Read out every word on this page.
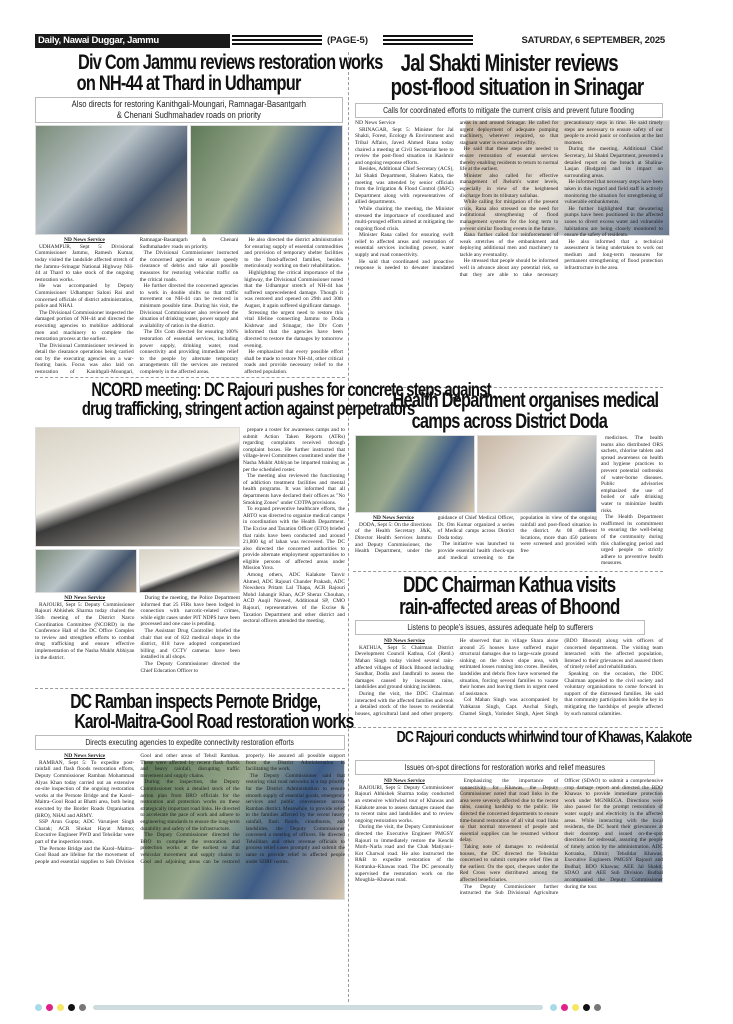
Daily, Nawai Duggar, Jammu	(PAGE-5)	SATURDAY, 6 SEPTEMBER, 2025
Div Com Jammu reviews restoration works
on NH-44 at Thard in Udhampur
Also directs for restoring Kanithgali-Moungari, Ramnagar-Basantgarh
& Chenani Sudhmahadev roads on priority
ND News Service

UDHAMPUR, Sept 5: Divisional Commissioner Jammu, Ramesh Kumar, today visited the landslide affected stretch of the Jammu–Srinagar National Highway NH-44 at Thard to take stock of the ongoing restoration works.

He was accompanied by Deputy Commissioner Udhampur Saloni Rai and concerned officials of district administration, police and NHAI.

The Divisional Commissioner inspected the damaged portion of NH-44 and directed the executing agencies to mobilize additional men and machinery to complete the restoration process at the earliest.

The Divisional Commissioner reviewed in detail the clearance operations being carried out by the executing agencies on a war-footing basis. Focus was also laid on restoration of Kanithgali-Moungari, Ramnagar-Basantgarh & Chenani Sudhmahadev roads on priority.

The Divisional Commissioner instructed the concerned agencies to ensure speedy clearance of debris and take all possible measures for restoring vehicular traffic on the critical roads.

He further directed the concerned agencies to work in double shifts so that traffic movement on NH-44 can be restored in minimum possible time. During his visit, the Divisional Commissioner also reviewed the situation of drinking water, power supply and availability of ration in the district.

The Div Com directed for ensuring 100% restoration of essential services, including power supply, drinking water, road connectivity and providing immediate relief to the people by alternate temporary arrangements till the services are restored completely in the affected areas.

He also directed the district administration for ensuring supply of essential commodities and provision of temporary shelter facilities to the flood-affected families, besides meticulously working on their rehabilitation.

Highlighting the critical importance of the highway, the Divisional Commissioner noted that the Udhampur stretch of NH-44 has suffered unprecedented damage. Though it was restored and opened on 29th and 30th August, it again suffered significant damage.

Stressing the urgent need to restore this vital lifeline connecting Jammu to Doda Kishtwar and Srinagar, the Div Com informed that the agencies have been directed to restore the damages by tomorrow evening.

He emphasized that every possible effort shall be made to restore NH-44, other critical roads and provide necessary relief to the affected population.

Jal Shakti Minister reviews
post-flood situation in Srinagar
Calls for coordinated efforts to mitigate the current crisis and prevent future flooding
ND News Service

SRINAGAR, Sept 5: Minister for Jal Shakti, Forest, Ecology & Environment and Tribal Affairs, Javed Ahmed Rana today chaired a meeting at Civil Secretariat here to review the post-flood situation in Kashmir and ongoing response efforts.

Besides, Additional Chief Secretary (ACS), Jal Shakti Department, Shaleen Kabra, the meeting was attended by senior officials from the Irrigation & Flood Control (I&FC) Department along with representatives of allied departments.

While chairing the meeting, the Minister stressed the importance of coordinated and multi-pronged efforts aimed at mitigating the ongoing flood crisis.

Minister Rana called for ensuring swift relief to affected areas and restoration of essential services including power, water supply and road connectivity.

He said that coordinated and proactive response is needed to dewater inundated areas in and around Srinagar. He called for urgent deployment of adequate pumping machinery, wherever required, so that stagnant water is evacuated swiftly.

He said that these steps are needed to ensure restoration of essential services thereby enabling residents to return to normal life at the earliest.

Minister also called for effective management of Jhelum's water levels, especially in view of the heightened discharge from its tributary nallahas.

While calling for mitigation of the present crisis, Rana also stressed on the need for institutional strengthening of flood management systems for the long term to prevent similar flooding events in the future.

Rana further called for reinforcement of weak stretches of the embankment and deploying additional men and machinery to tackle any eventuality.

He stressed that people should be informed well in advance about any potential risk, so that they are able to take necessary precautionary steps in time. He said timely steps are necessary to ensure safety of our people to avoid panic or confusion at the last moment.

During the meeting, Additional Chief Secretary, Jal Shakti Department, presented a detailed report on the breach at Shalina-Lasjan (Budgam) and its impact on surrounding areas.

He informed that necessary steps have been taken in this regard and field staff is actively monitoring the situation for strengthening of vulnerable embankments.

He further highlighted that dewatering pumps have been positioned in the affected zones to divert excess water and vulnerable habitations are being closely monitored to ensure the safety of residents.

He also informed that a technical assessment is being undertaken to work out medium and long-term measures for permanent strengthening of flood protection infrastructure in the area.

NCORD meeting: DC Rajouri pushes for concrete steps against
drug trafficking, stringent action against perpetrators

prepare a roster for awareness camps and to submit Action Taken Reports (ATRs) regarding complaints received through complaint boxes. He further instructed that village-level Committees constituted under the Nasha Mukht Abhiyan be imparted training as per the scheduled roster.

The meeting also reviewed the functioning of addiction treatment facilities and mental health programs. It was informed that all departments have declared their offices as "No Smoking Zones" under COTPA provisions.

To expand preventive healthcare efforts, the ARTO was directed to organize medical camps in coordination with the Health Department. The Excise and Taxation Officer (ETO) briefed that raids have been conducted and around 21,800 kg of lahan was recovered. The DC also directed the concerned authorities to provide alternate employment opportunities to eligible persons of affected areas under Mission Yuva.

Among others, ADC Kalakote Tanvir Ahmed, ADC Rajouri Chander Prakash, ADC Nowshera Pritam Lal Thapa, ACR Rajouri Mohd Jahangir Khan, ACP Sheraz Chouhan, ACD Auqil Naveed, Additional SP, CMO Rajouri, representatives of the Excise & Taxation Department and other district and sectoral officers attended the meeting.

ND News Service

RAJOURI, Sept 5: Deputy Commissioner Rajouri Abhishek Sharma today chaired the 35th meeting of the District Narco Coordination Committee (NCORD) in the Conference Hall of the DC Office Complex to review and strengthen efforts to combat drug trafficking and ensure effective implementation of the Nasha Mukht Abhiyan in the district.

During the meeting, the Police Department informed that 25 FIRs have been lodged in connection with narcotic-related crimes, while eight cases under PIT NDPS have been processed and one case is pending.

The Assistant Drug Controller briefed the chair that out of 822 medical shops in the district, 818 have adopted computerized billing and CCTV cameras have been installed in all shops.

The Deputy Commissioner directed the Chief Education Officer to

Health Department organises medical
camps across District Doda

medicines. The health teams also distributed ORS sachets, chlorine tablets and spread awareness on health and hygiene practices to prevent potential outbreaks of water-borne diseases. Public advisories emphasized the use of boiled or safe drinking water to minimize health risks.

The Health Department reaffirmed its commitment to ensuring the well-being of the community during this challenging period and urged people to strictly adhere to preventive health measures.

ND News Service

DODA, Sept 5: On the directions of the Health Secretary J&K, Director Health Services Jammu and Deputy Commissioner, the Health Department, under the guidance of Chief Medical Officer, Dr. Om Kumar organized a series of Medical camps across District Doda today.

The initiative was launched to provide essential health check-ups and medical screening to the population in view of the ongoing rainfall and post-flood situation in the district. At 08 different locations, more than 450 patients were screened and provided with free

DDC Chairman Kathua visits
rain-affected areas of Bhoond
Listens to people's issues, assures adequate help to sufferers
ND News Service

KATHUA, Sept 5: Chairman District Development Council Kathua, Col (Retd.) Mahan Singh today visited several rain-affected villages of Block Bhoond including Sandhar, Dodla and Jandhrali to assess the damages caused by incessant rains, landslides and ground sinking incidents.

During the visit, the DDC Chairman interacted with the affected families and took a detailed stock of the losses to residential houses, agricultural land and other property. He observed that in village Shara alone around 25 houses have suffered major structural damages due to large-scale ground sinking on the down slope area, with estimated losses running into crores. Besides, landslides and debris flow have worsened the situation, forcing several families to vacate their homes and leaving them in urgent need of assistance.

Col Mahan Singh was accompanied by Yubkaran Singh, Capt. Anchal Singh, Chamel Singh, Varinder Singh, Ajeet Singh (BDO Bhoond) along with officers of concerned departments. The visiting team interacted with the affected population, listened to their grievances and assured them of timely relief and rehabilitation.

Speaking on the occasion, the DDC Chairman appealed to the civil society and voluntary organisations to come forward in support of the distressed families. He said that community participation holds the key in mitigating the hardships of people affected by such natural calamities.

DC Ramban inspects Pernote Bridge,
Karol-Maitra-Gool Road restoration works
Directs executing agencies to expedite connectivity restoration efforts
ND News Service

RAMBAN, Sept 5: To expedite post-rainfall and flash floods restoration efforts, Deputy Commissioner Ramban Mohammad Alyas Khan today carried out an extensive on-site inspection of the ongoing restoration works at the Pernote Bridge and the Karol–Maitra–Gool Road at Bhatti area, both being executed by the Border Roads Organisation (BRO), NHAI and ARMY.

SSP Arun Gupta; ADC Varunjeet Singh Charak; ACR Shokat Hayat Mattoo; Executive Engineer PWD and Tehsildar were part of the inspection team.

The Pernote Bridge and the Karol–Maitra–Gool Road are lifeline for the movement of people and essential supplies to Sub Division Gool and other areas of Tehsil Ramban. These were affected by recent flash floods and heavy rainfall, disrupting traffic movement and supply chains.

During the inspection, the Deputy Commissioner took a detailed stock of the action plan from BRO officials for the restoration and protection works on these strategically important road links. He directed to accelerate the pace of work and adhere to engineering standards to ensure the long-term durability and safety of the infrastructure.

The Deputy Commissioner directed the BRO to complete the restoration and protection works at the earliest so that vehicular movement and supply chains to Gool and adjoining areas can be restored properly. He assured all possible support from the District Administration in facilitating the work.

The Deputy Commissioner said that restoring vital road networks is a top priority for the District Administration to ensure smooth supply of essential goods, emergency services and public convenience across Ramban district. Meanwhile, to provide relief to the families affected by the recent heavy rainfall, flash floods, cloudbursts, and landslides, the Deputy Commissioner convened a meeting of officers. He directed Tehsildars and other revenue officials to process relief cases promptly and submit the same to provide relief to affected people under SDRF norms.

DC Rajouri conducts whirlwind tour of Khawas, Kalakote
Issues on-spot directions for restoration works and relief measures
ND News Service

RAJOURI, Sept 5: Deputy Commissioner Rajouri Abhishek Sharma today conducted an extensive whirlwind tour of Khawas and Kalakote areas to assess damages caused due to recent rains and landslides and to review ongoing restoration works.

During the visit, the Deputy Commissioner directed the Executive Engineer PMGSY Rajouri to immediately restore the Kenchi Morh–Narla road and the Chak Matiyani–Kot Charwal road. He also instructed the R&B to expedite restoration of the Kotranka–Khawas road. The DC personally supervised the restoration work on the Moughla–Khawas road.

Emphasizing the importance of connectivity for Khawas, the Deputy Commissioner noted that road links in the area were severely affected due to the recent rains, causing hardship to the public. He directed the concerned departments to ensure time-bound restoration of all vital road links so that normal movement of people and essential supplies can be resumed without delay.

Taking note of damages to residential houses, the DC directed the Tehsildar concerned to submit complete relief files at the earliest. On the spot, cheques under the Red Cross were distributed among the affected beneficiaries.

The Deputy Commissioner further instructed the Sub Divisional Agriculture Officer (SDAO) to submit a comprehensive crop damage report and directed the BDO Khawas to provide immediate protection work under MGNREGA. Directions were also passed for the prompt restoration of water supply and electricity in the affected areas. While interacting with the local residents, the DC heard their grievances at their doorstep and issued on-the-spot directions for redressal, assuring the people of timely action by the administration. ADC Kotranka, Dilmir; Tehsildar Khawas; Executive Engineers PMGSY Rajouri and Budhal; BDO Khawas; AEE Jal Shakti; SDAO and AEE Sub Division Budhal accompanied the Deputy Commissioner during the tour.
